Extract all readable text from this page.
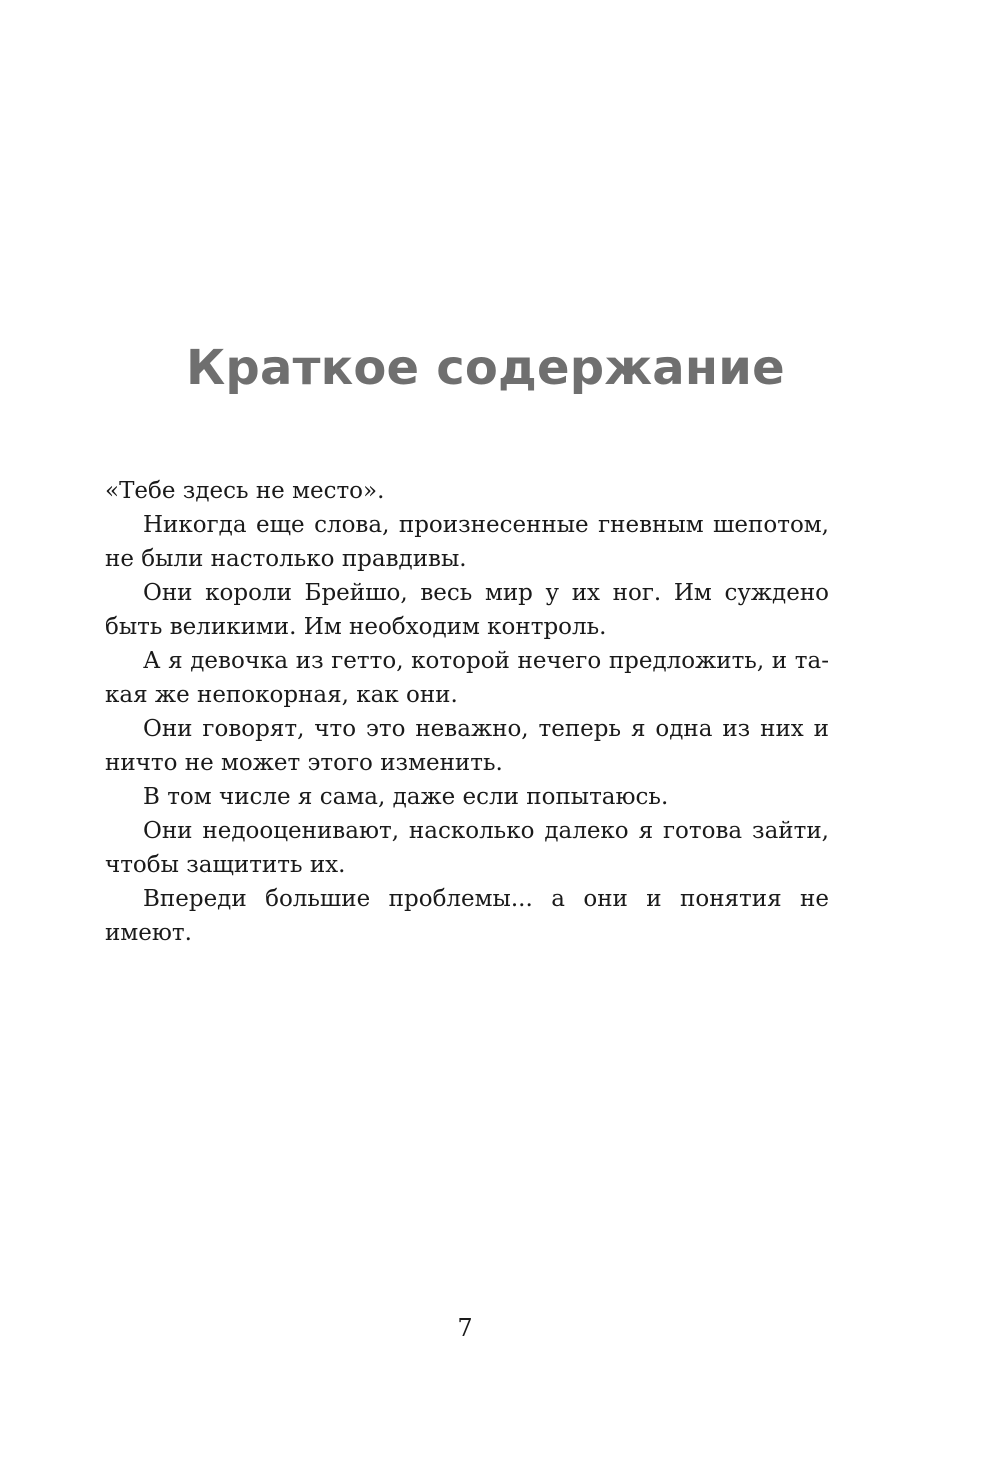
Краткое содержание

«Тебе здесь не место».

Никогда еще слова, произнесенные гневным шепотом, не были настолько правдивы.

Они короли Брейшо, весь мир у их ног. Им суждено быть великими. Им необходим контроль.

А я девочка из гетто, которой нечего предложить, и такая же непокорная, как они.

Они говорят, что это неважно, теперь я одна из них и ничто не может этого изменить.

В том числе я сама, даже если попытаюсь.

Они недооценивают, насколько далеко я готова зайти, чтобы защитить их.

Впереди большие проблемы... а они и понятия не имеют.

7
